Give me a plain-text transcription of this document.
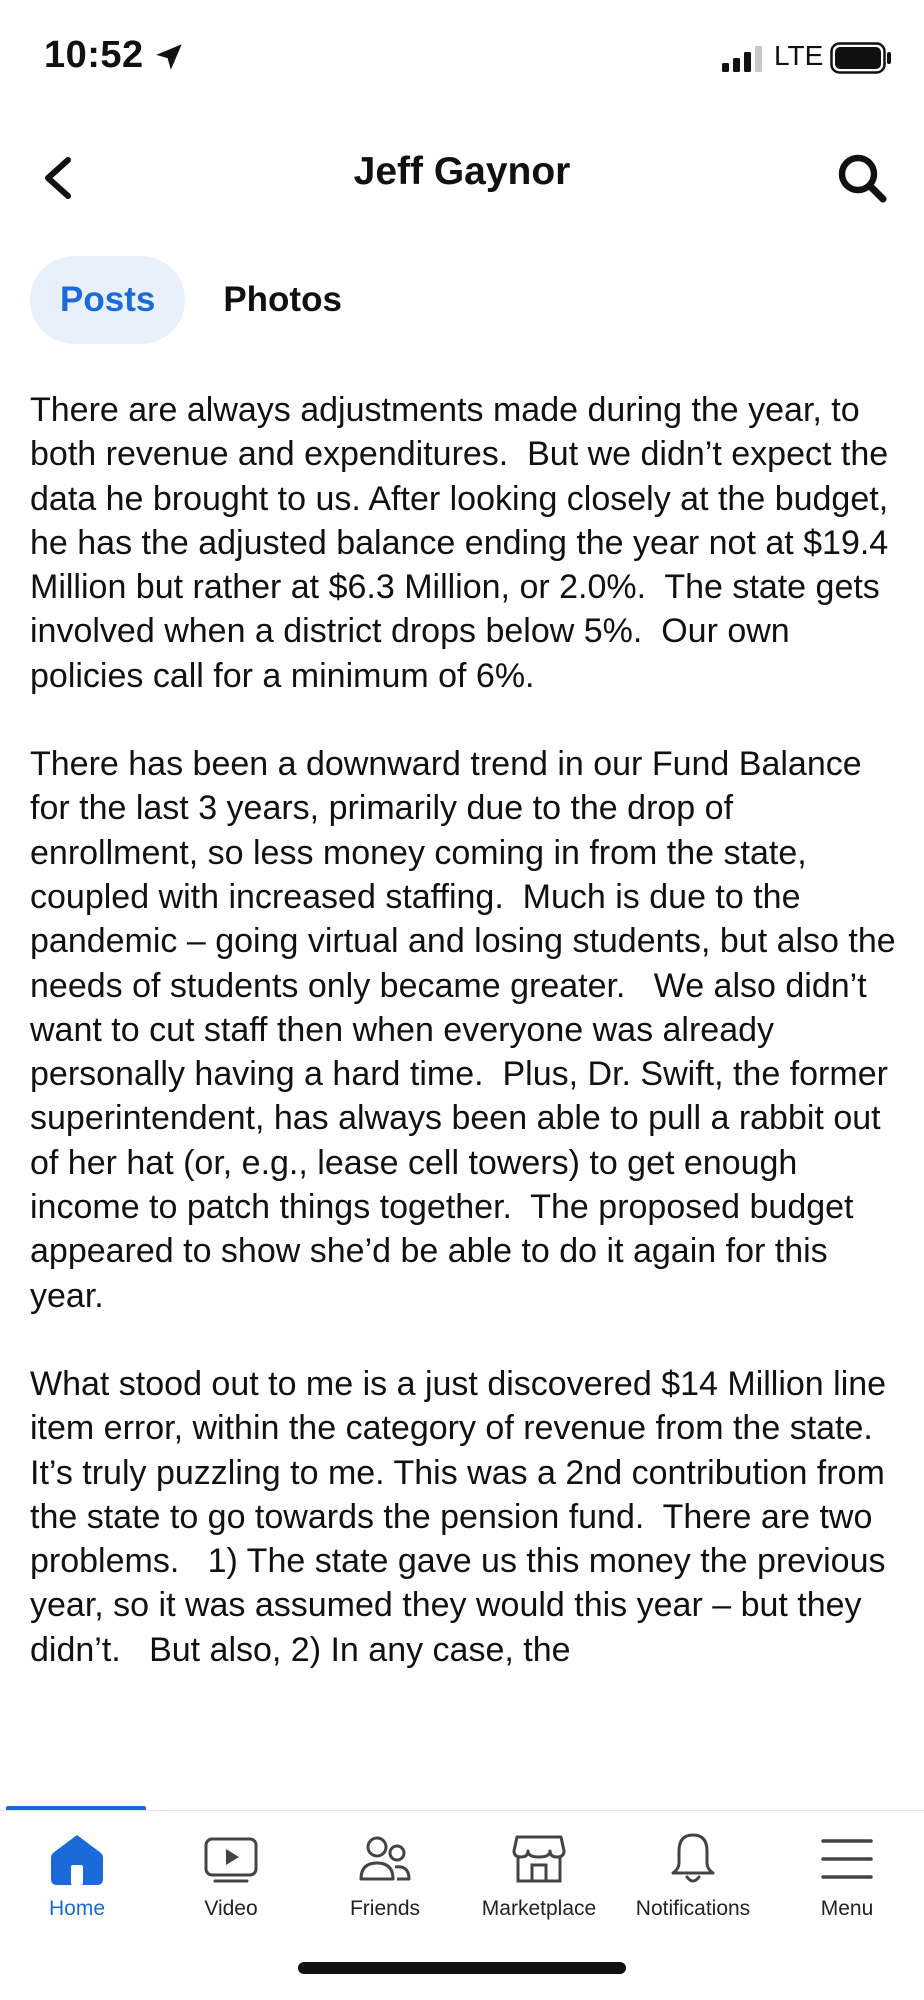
10:52	LTE
Jeff Gaynor
Posts	Photos

There are always adjustments made during the year, to both revenue and expenditures.  But we didn’t expect the data he brought to us. After looking closely at the budget, he has the adjusted balance ending the year not at $19.4 Million but rather at $6.3 Million, or 2.0%.  The state gets involved when a district drops below 5%.  Our own policies call for a minimum of 6%.

There has been a downward trend in our Fund Balance for the last 3 years, primarily due to the drop of enrollment, so less money coming in from the state, coupled with increased staffing.  Much is due to the pandemic – going virtual and losing students, but also the needs of students only became greater.   We also didn’t want to cut staff then when everyone was already personally having a hard time.  Plus, Dr. Swift, the former superintendent, has always been able to pull a rabbit out of her hat (or, e.g., lease cell towers) to get enough income to patch things together.  The proposed budget appeared to show she’d be able to do it again for this year.

What stood out to me is a just discovered $14 Million line item error, within the category of revenue from the state.  It’s truly puzzling to me. This was a 2nd contribution from the state to go towards the pension fund.  There are two problems.   1) The state gave us this money the previous year, so it was assumed they would this year – but they didn’t.   But also, 2) In any case, the

Home	Video	Friends	Marketplace	Notifications	Menu
